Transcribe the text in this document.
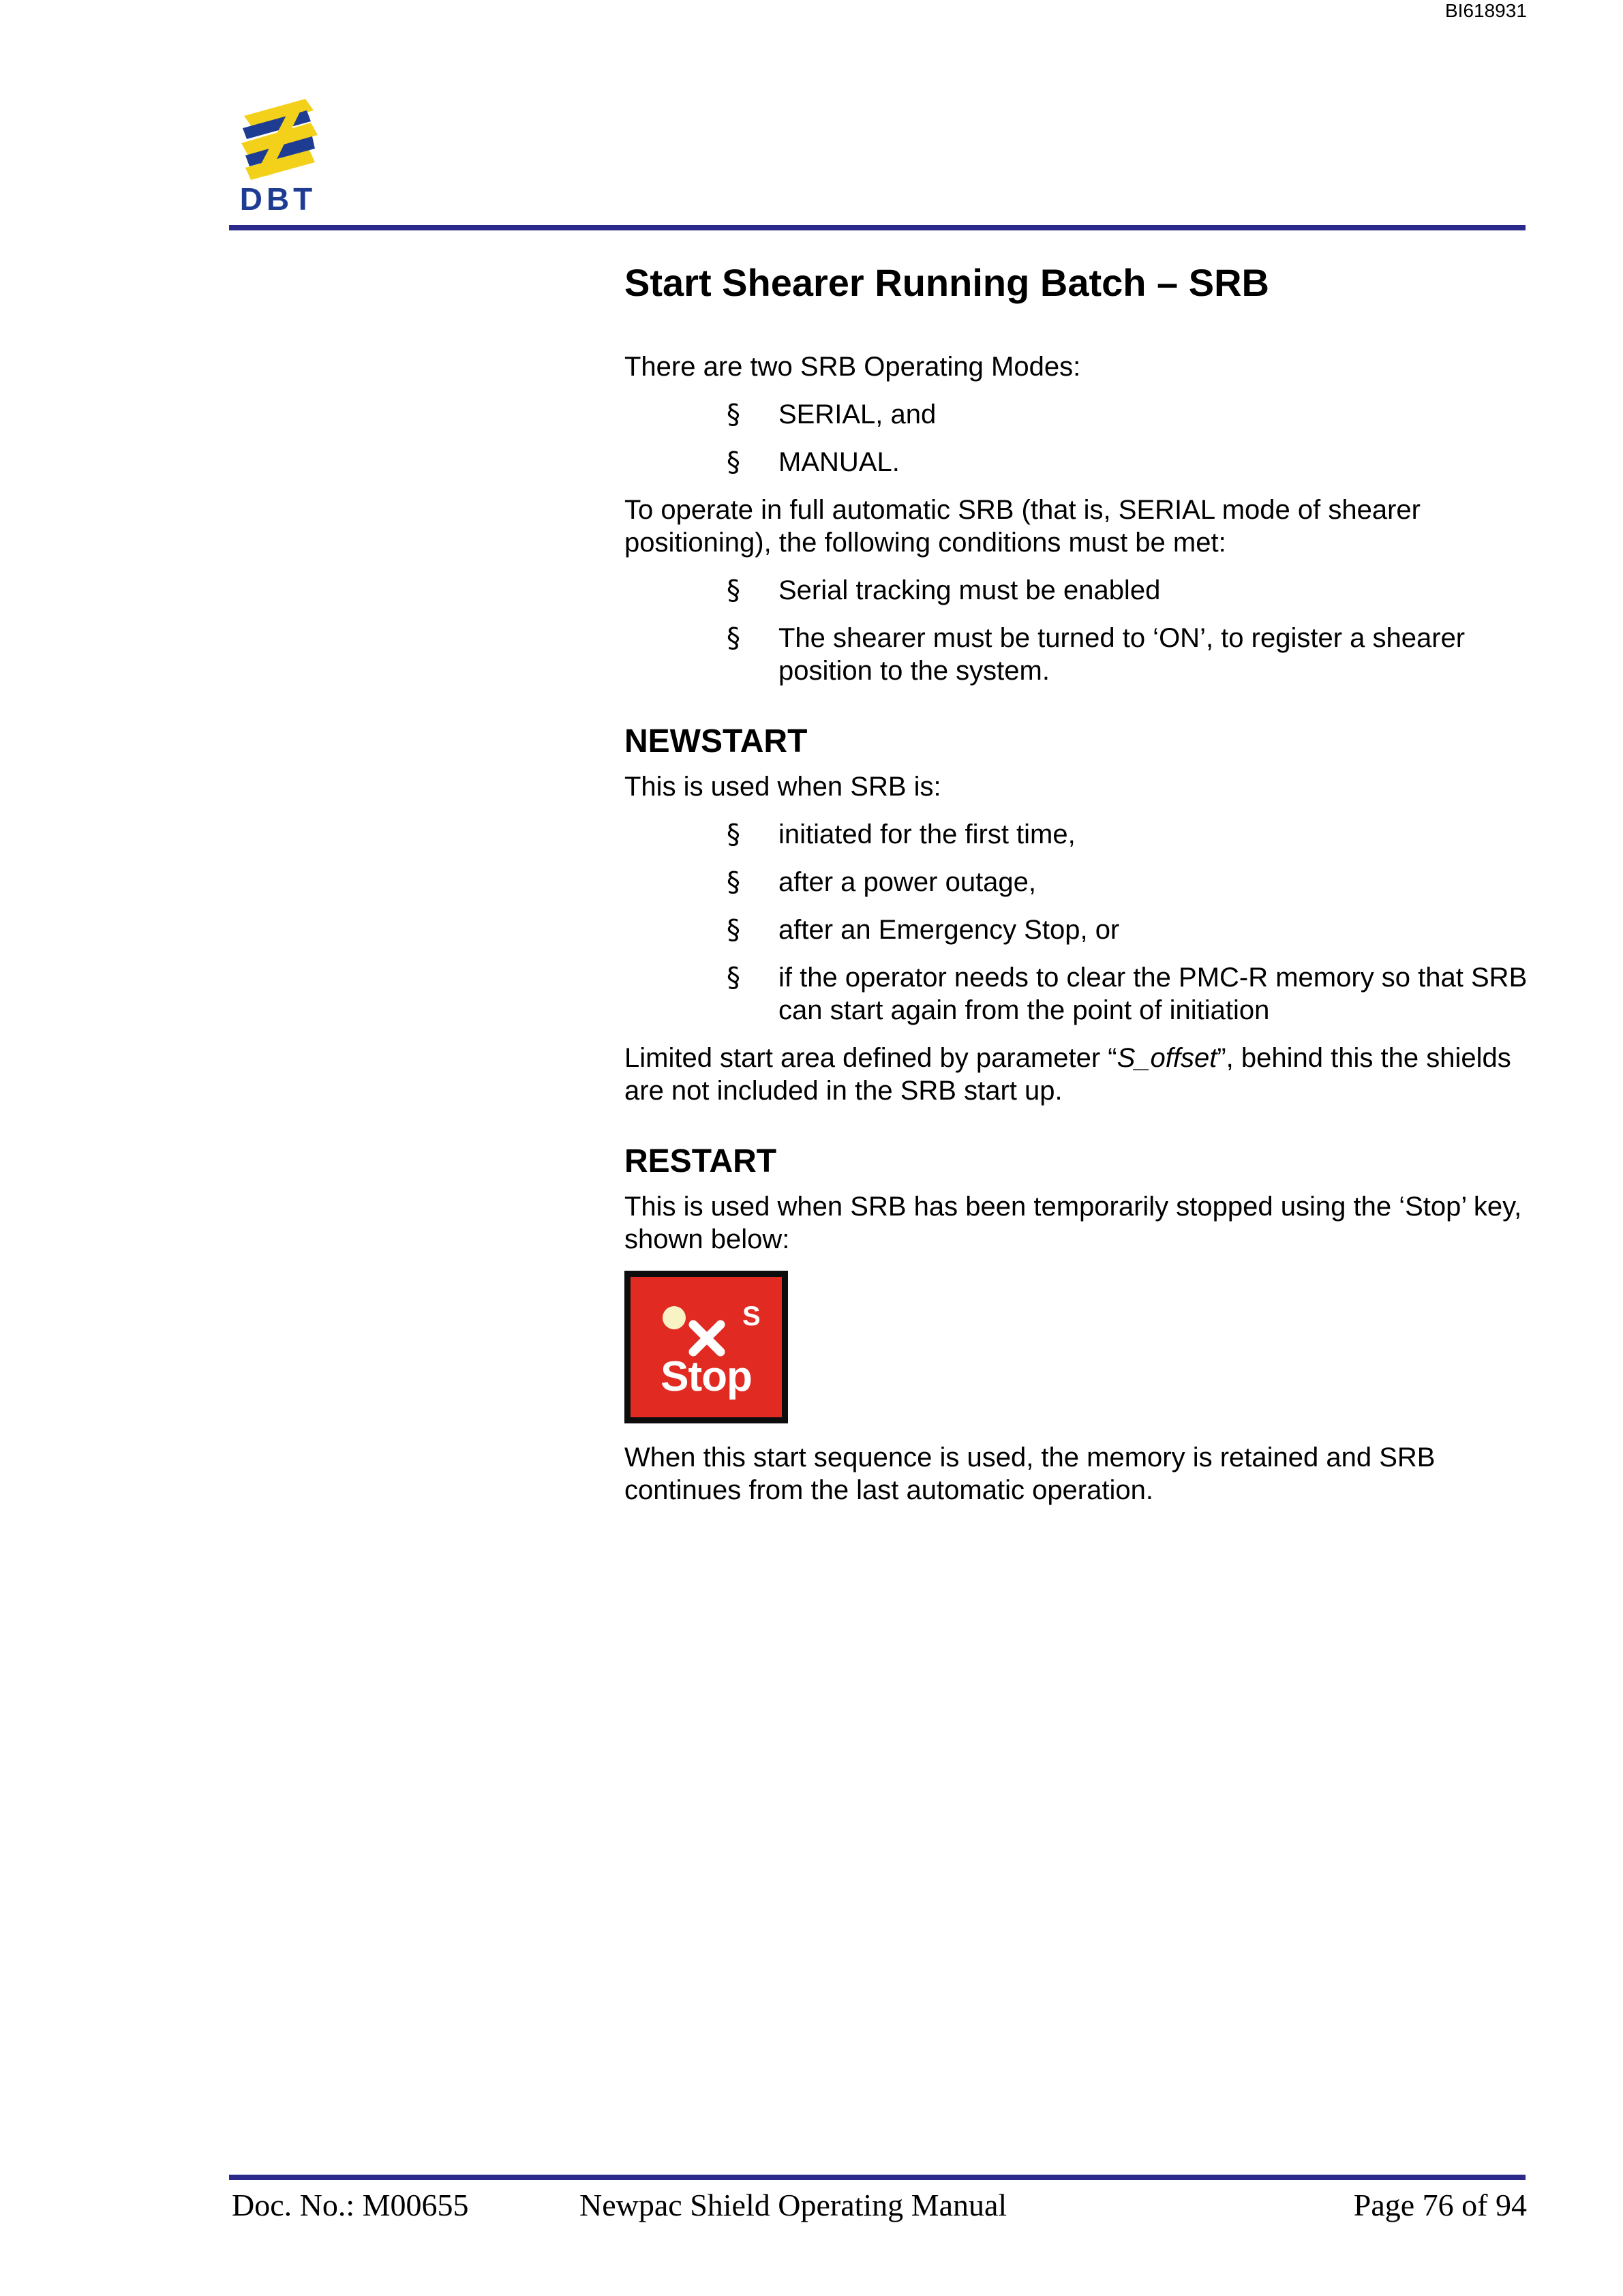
BI618931
DBT
Start Shearer Running Batch – SRB

There are two SRB Operating Modes:

§ SERIAL, and
§ MANUAL.

To operate in full automatic SRB (that is, SERIAL mode of shearer positioning), the following conditions must be met:

§ Serial tracking must be enabled
§ The shearer must be turned to ‘ON’, to register a shearer position to the system.
NEWSTART

This is used when SRB is:

§ initiated for the first time,
§ after a power outage,
§ after an Emergency Stop, or
§ if the operator needs to clear the PMC-R memory so that SRB can start again from the point of initiation

Limited start area defined by parameter “S_offset”, behind this the shields are not included in the SRB start up.

RESTART

This is used when SRB has been temporarily stopped using the ‘Stop’ key, shown below:

S
Stop

When this start sequence is used, the memory is retained and SRB continues from the last automatic operation.

Doc. No.: M00655	Newpac Shield Operating Manual	Page 76 of 94
